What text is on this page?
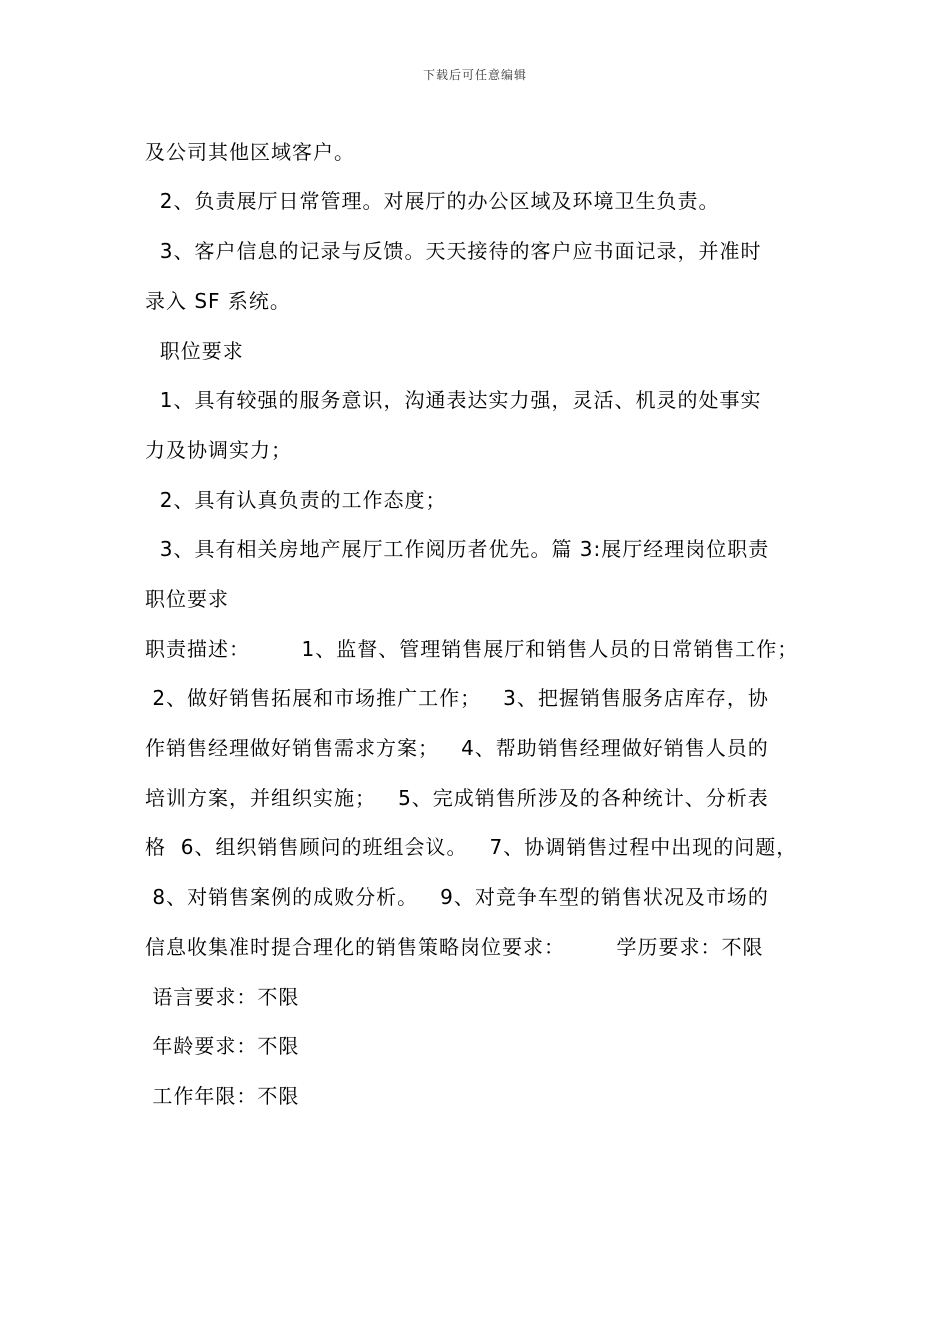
下载后可任意编辑
及公司其他区域客户。
2、负责展厅日常管理。对展厅的办公区域及环境卫生负责。
3、客户信息的记录与反馈。天天接待的客户应书面记录，并准时
录入 SF 系统。
职位要求
1、具有较强的服务意识，沟通表达实力强，灵活、机灵的处事实
力及协调实力；
2、具有认真负责的工作态度；
3、具有相关房地产展厅工作阅历者优先。篇 3:展厅经理岗位职责
职位要求
职责描述：       1、监督、管理销售展厅和销售人员的日常销售工作；
2、做好销售拓展和市场推广工作；   3、把握销售服务店库存，协
作销售经理做好销售需求方案；   4、帮助销售经理做好销售人员的
培训方案，并组织实施；   5、完成销售所涉及的各种统计、分析表
格  6、组织销售顾问的班组会议。   7、协调销售过程中出现的问题，
8、对销售案例的成败分析。   9、对竞争车型的销售状况及市场的
信息收集准时提合理化的销售策略岗位要求：       学历要求：不限
语言要求：不限
年龄要求：不限
工作年限：不限
